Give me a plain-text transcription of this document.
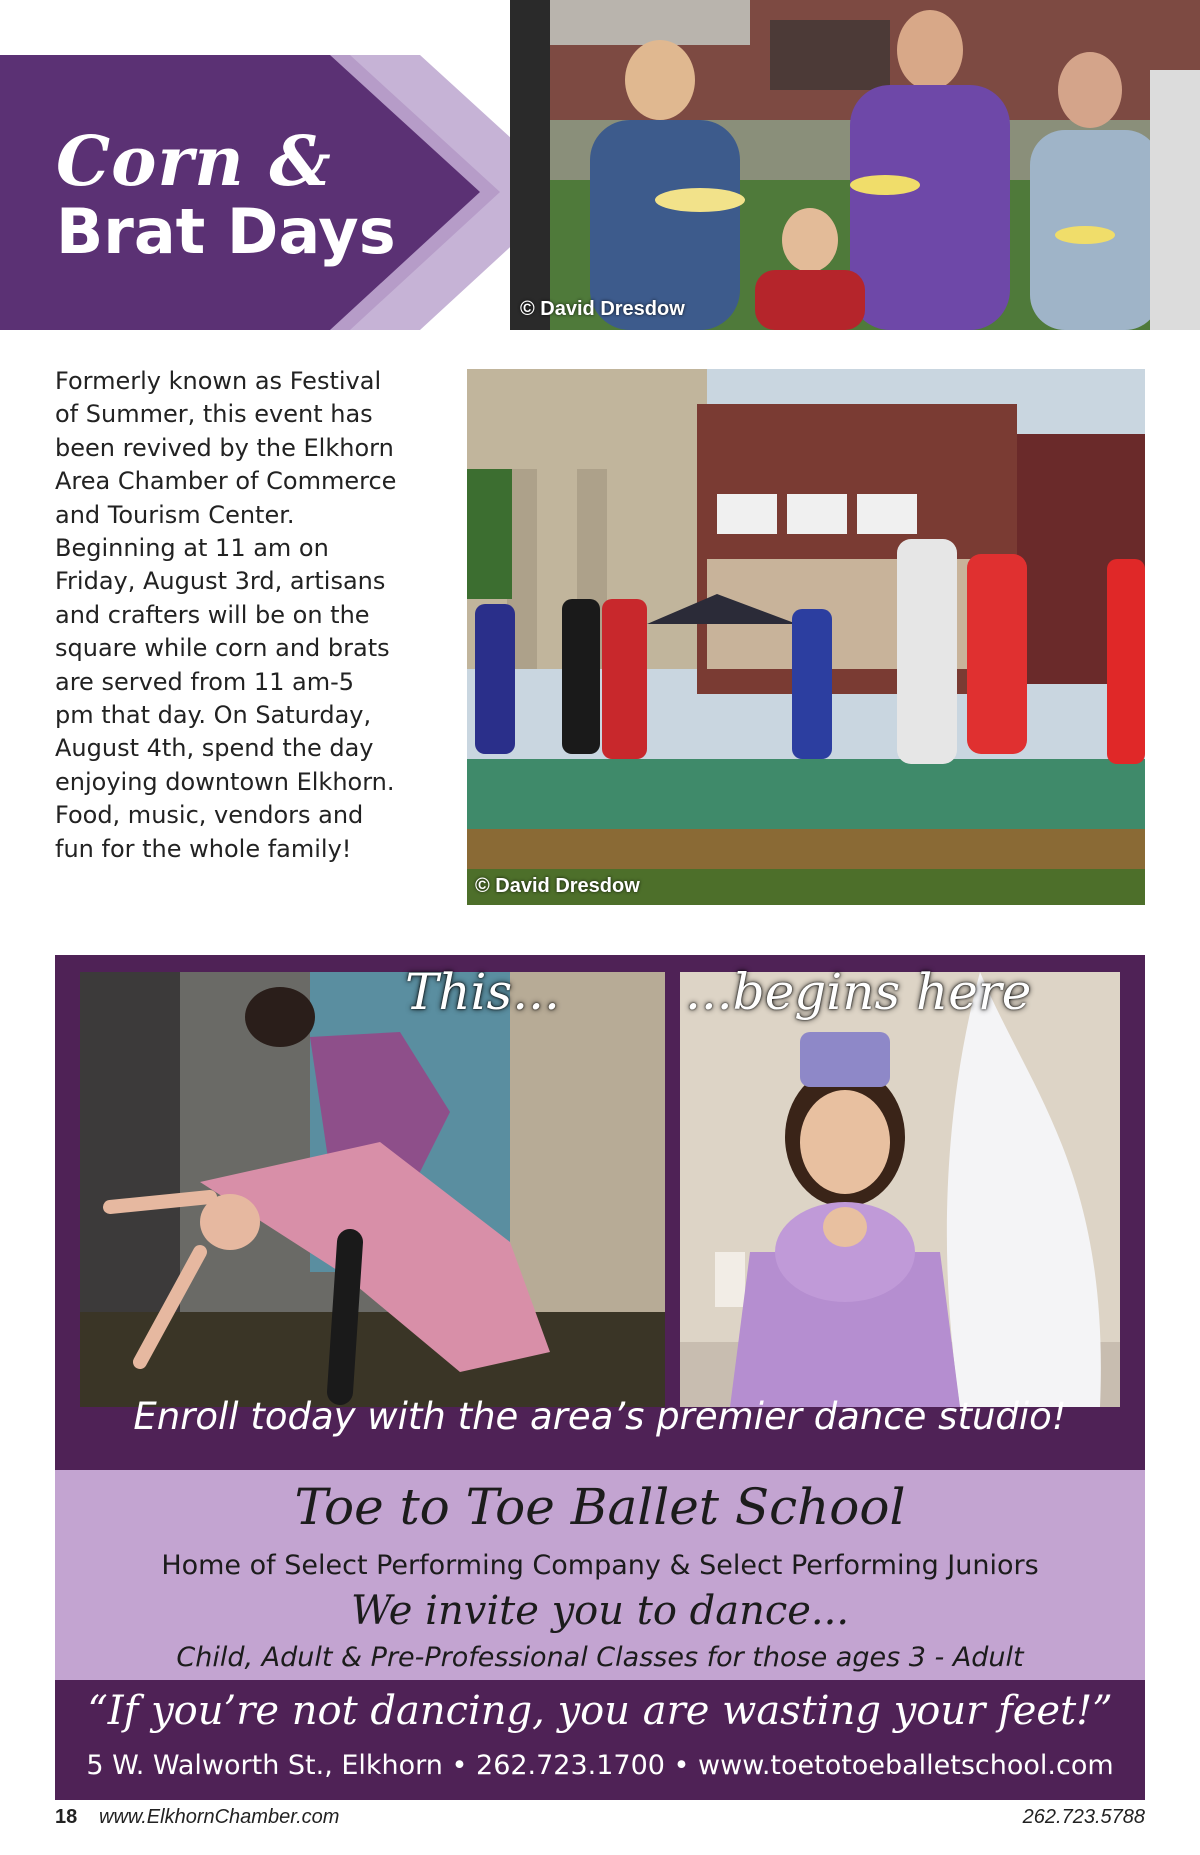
Corn &
Brat Days
© David Dresdow
Formerly known as Festival
of Summer, this event has
been revived by the Elkhorn
Area Chamber of Commerce
and Tourism Center.
Beginning at 11 am on
Friday, August 3rd, artisans
and crafters will be on the
square while corn and brats
are served from 11 am-5
pm that day. On Saturday,
August 4th, spend the day
enjoying downtown Elkhorn.
Food, music, vendors and
fun for the whole family!
© David Dresdow
This...	...begins here
Enroll today with the area’s premier dance studio!
Toe to Toe Ballet School
Home of Select Performing Company & Select Performing Juniors
We invite you to dance...
Child, Adult & Pre-Professional Classes for those ages 3 - Adult
“If you’re not dancing, you are wasting your feet!”
5 W. Walworth St., Elkhorn • 262.723.1700 • www.toetotoeballetschool.com
18 www.ElkhornChamber.com	262.723.5788
